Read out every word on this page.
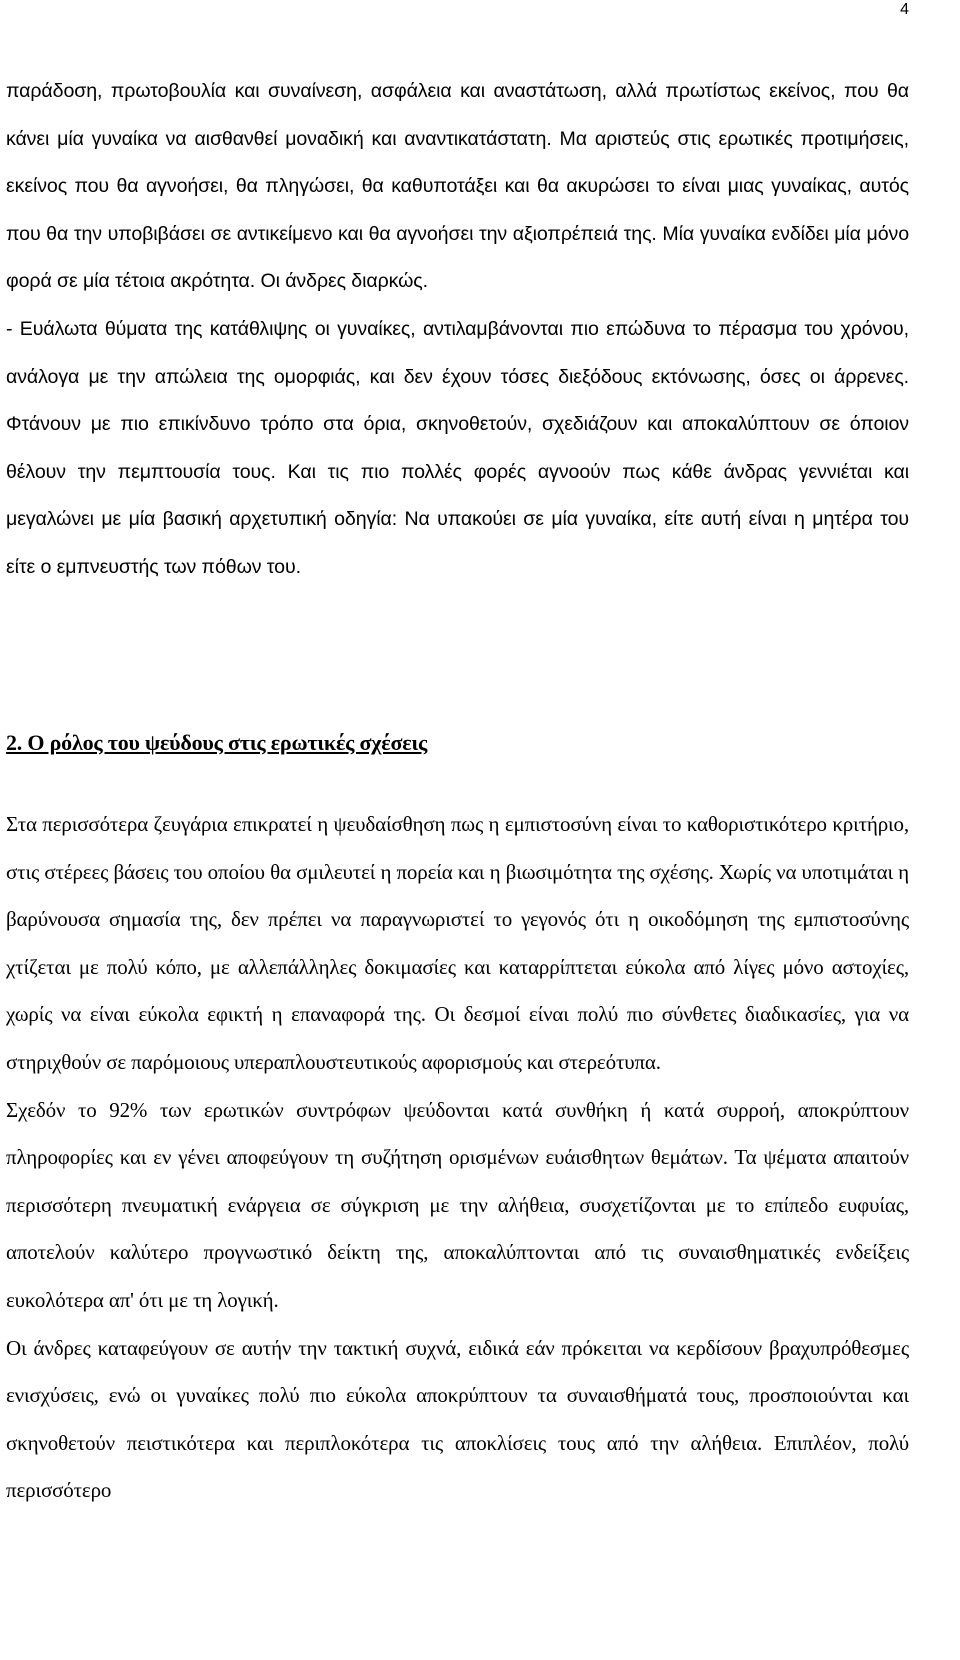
4

παράδοση, πρωτοβουλία και συναίνεση, ασφάλεια και αναστάτωση, αλλά πρωτίστως εκείνος, που θα κάνει μία γυναίκα να αισθανθεί μοναδική και αναντικατάστατη. Μα αριστεύς στις ερωτικές προτιμήσεις, εκείνος που θα αγνοήσει, θα πληγώσει, θα καθυποτάξει και θα ακυρώσει το είναι μιας γυναίκας, αυτός που θα την υποβιβάσει σε αντικείμενο και θα αγνοήσει την αξιοπρέπειά της. Μία γυναίκα ενδίδει μία μόνο φορά σε μία τέτοια ακρότητα. Οι άνδρες διαρκώς.

- Ευάλωτα θύματα της κατάθλιψης οι γυναίκες, αντιλαμβάνονται πιο επώδυνα το πέρασμα του χρόνου, ανάλογα με την απώλεια της ομορφιάς, και δεν έχουν τόσες διεξόδους εκτόνωσης, όσες οι άρρενες. Φτάνουν με πιο επικίνδυνο τρόπο στα όρια, σκηνοθετούν, σχεδιάζουν και αποκαλύπτουν σε όποιον θέλουν την πεμπτουσία τους. Και τις πιο πολλές φορές αγνοούν πως κάθε άνδρας γεννιέται και μεγαλώνει με μία βασική αρχετυπική οδηγία: Να υπακούει σε μία γυναίκα, είτε αυτή είναι η μητέρα του είτε ο εμπνευστής των πόθων του.

2. Ο ρόλος του ψεύδους στις ερωτικές σχέσεις

Στα περισσότερα ζευγάρια επικρατεί η ψευδαίσθηση πως η εμπιστοσύνη είναι το καθοριστικότερο κριτήριο, στις στέρεες βάσεις του οποίου θα σμιλευτεί η πορεία και η βιωσιμότητα της σχέσης. Χωρίς να υποτιμάται η βαρύνουσα σημασία της, δεν πρέπει να παραγνωριστεί το γεγονός ότι η οικοδόμηση της εμπιστοσύνης χτίζεται με πολύ κόπο, με αλλεπάλληλες δοκιμασίες και καταρρίπτεται εύκολα από λίγες μόνο αστοχίες, χωρίς να είναι εύκολα εφικτή η επαναφορά της. Οι δεσμοί είναι πολύ πιο σύνθετες διαδικασίες, για να στηριχθούν σε παρόμοιους υπεραπλουστευτικούς αφορισμούς και στερεότυπα.

Σχεδόν το 92% των ερωτικών συντρόφων ψεύδονται κατά συνθήκη ή κατά συρροή, αποκρύπτουν πληροφορίες και εν γένει αποφεύγουν τη συζήτηση ορισμένων ευάισθητων θεμάτων. Τα ψέματα απαιτούν περισσότερη πνευματική ενάργεια σε σύγκριση με την αλήθεια, συσχετίζονται με το επίπεδο ευφυίας, αποτελούν καλύτερο προγνωστικό δείκτη της, αποκαλύπτονται από τις συναισθηματικές ενδείξεις ευκολότερα απ' ότι με τη λογική.

Οι άνδρες καταφεύγουν σε αυτήν την τακτική συχνά, ειδικά εάν πρόκειται να κερδίσουν βραχυπρόθεσμες ενισχύσεις, ενώ οι γυναίκες πολύ πιο εύκολα αποκρύπτουν τα συναισθήματά τους, προσποιούνται και σκηνοθετούν πειστικότερα και περιπλοκότερα τις αποκλίσεις τους από την αλήθεια. Επιπλέον, πολύ περισσότερο
